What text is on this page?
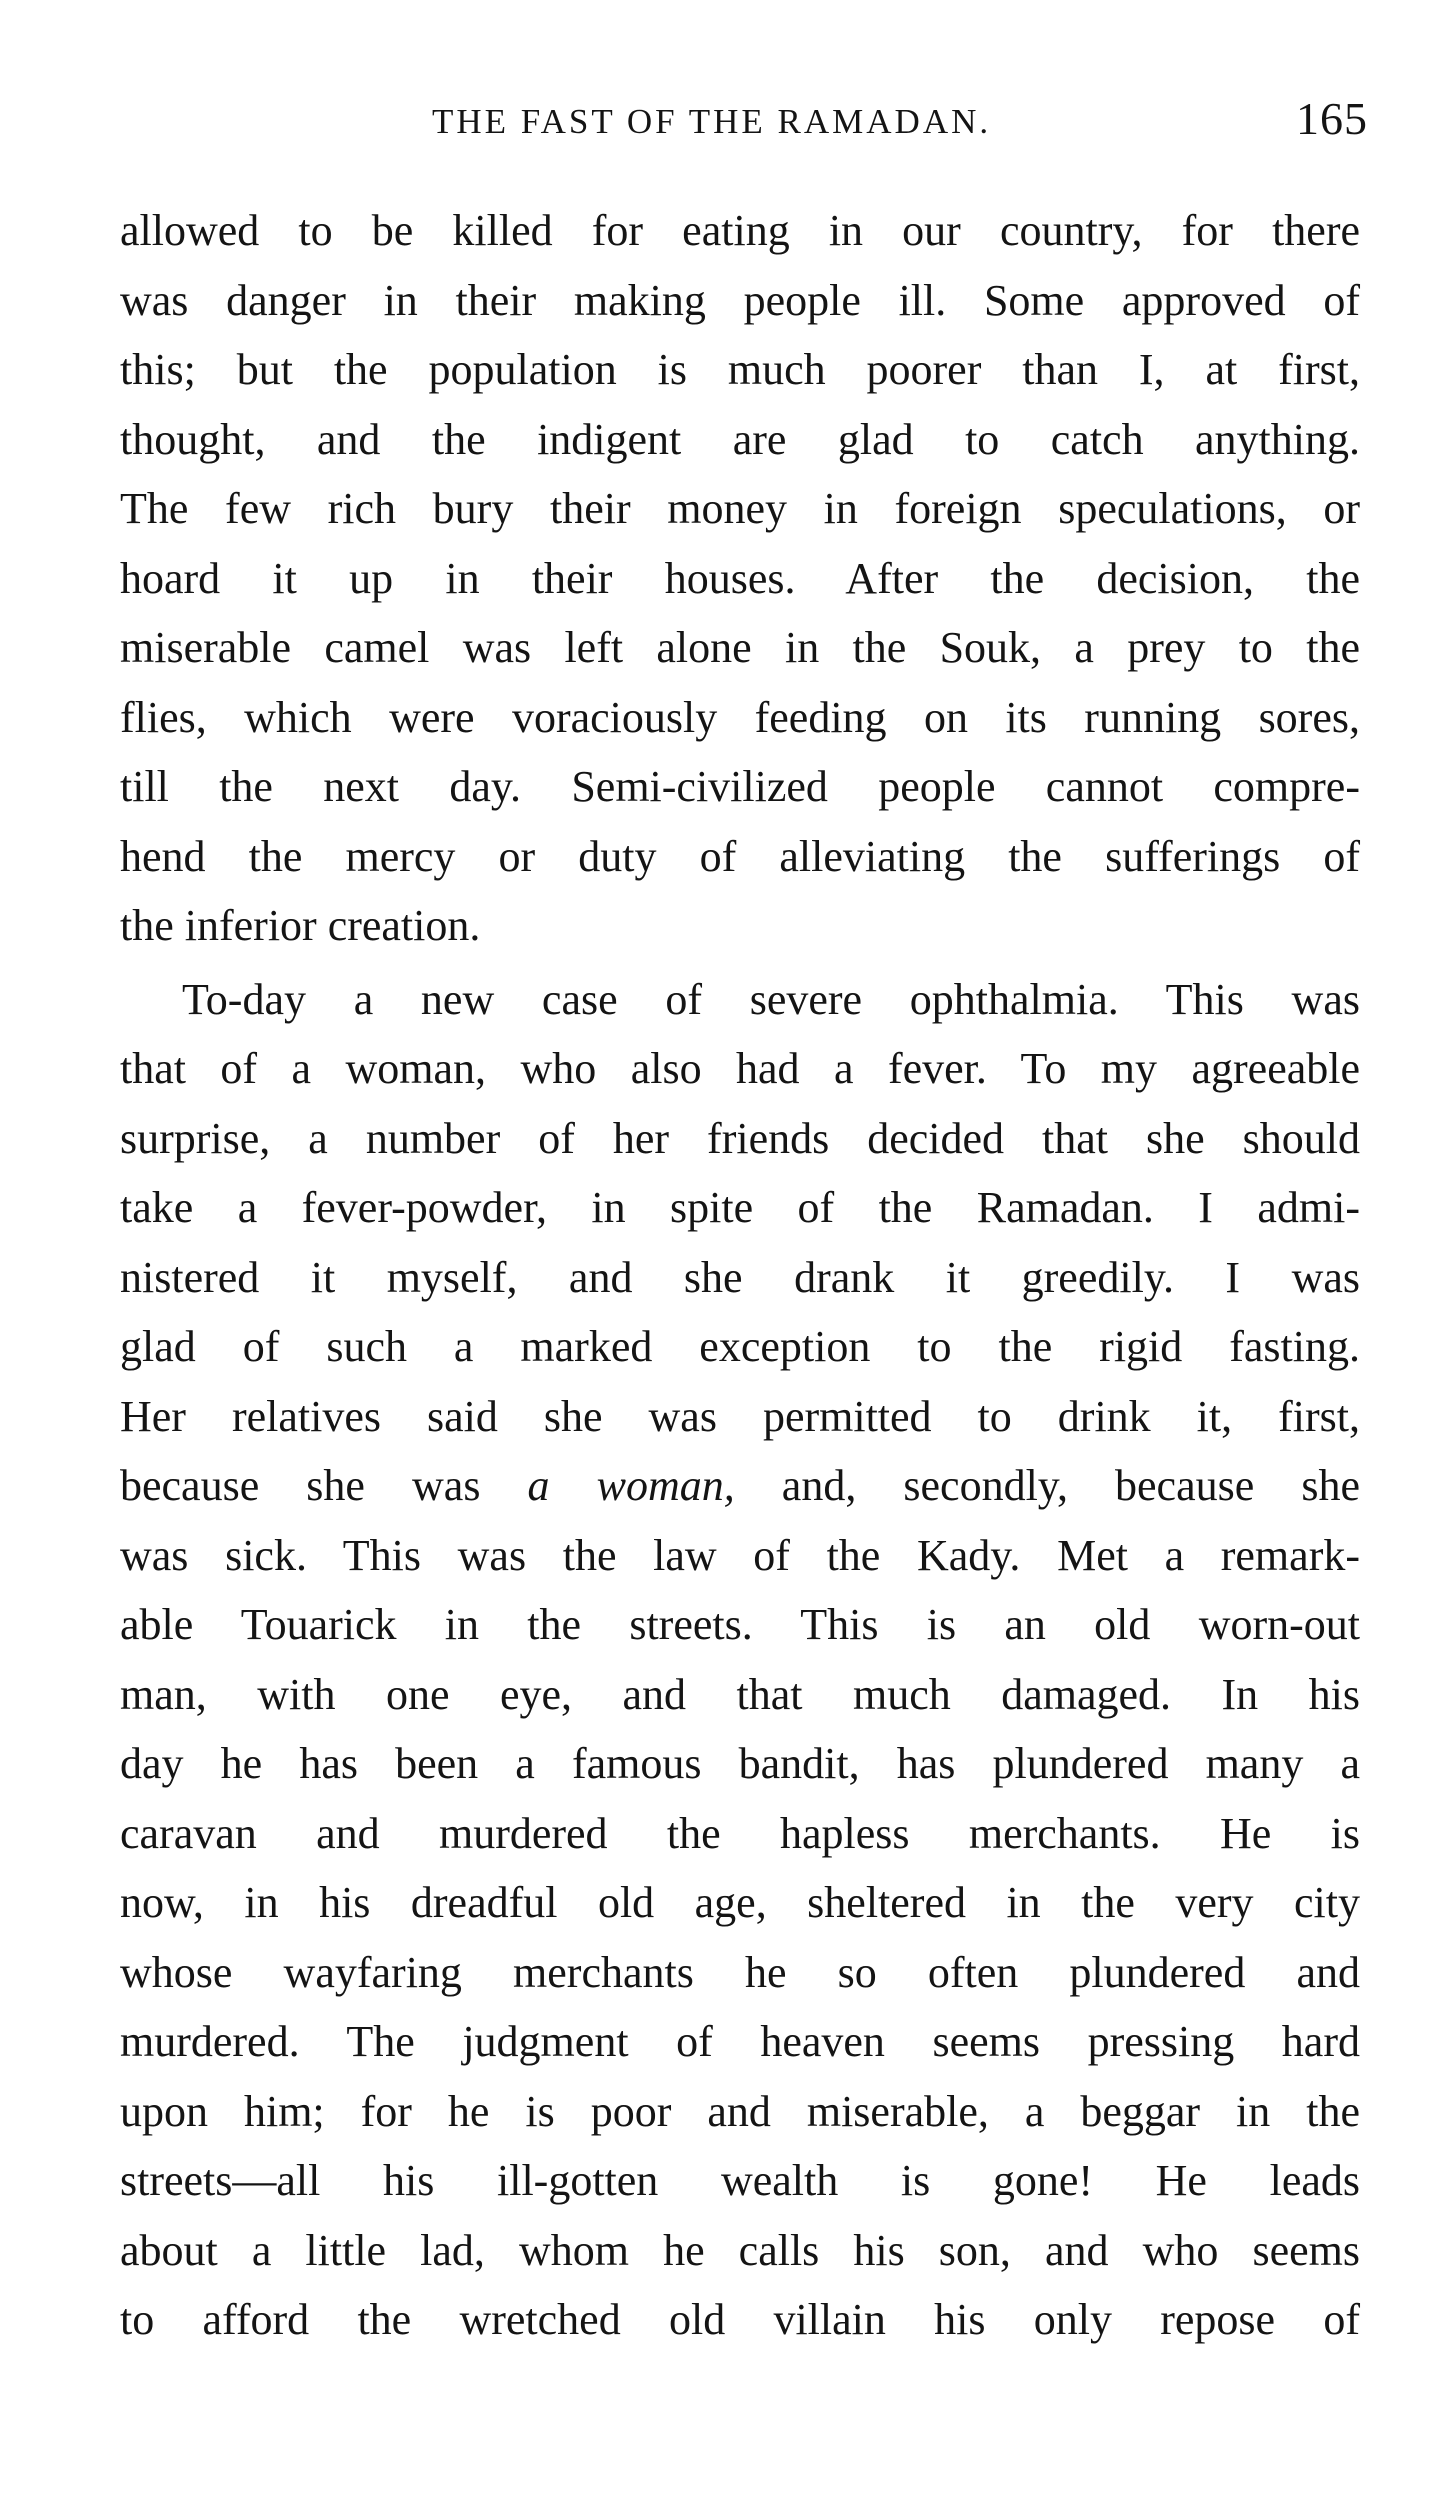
THE FAST OF THE RAMADAN.	165
allowed to be killed for eating in our country, for there
was danger in their making people ill. Some approved of
this; but the population is much poorer than I, at first,
thought, and the indigent are glad to catch anything.
The few rich bury their money in foreign speculations, or
hoard it up in their houses. After the decision, the
miserable camel was left alone in the Souk, a prey to the
flies, which were voraciously feeding on its running sores,
till the next day. Semi-civilized people cannot compre-
hend the mercy or duty of alleviating the sufferings of
the inferior creation.
To-day a new case of severe ophthalmia. This was
that of a woman, who also had a fever. To my agreeable
surprise, a number of her friends decided that she should
take a fever-powder, in spite of the Ramadan. I admi-
nistered it myself, and she drank it greedily. I was
glad of such a marked exception to the rigid fasting.
Her relatives said she was permitted to drink it, first,
because she was a woman, and, secondly, because she
was sick. This was the law of the Kady. Met a remark-
able Touarick in the streets. This is an old worn-out
man, with one eye, and that much damaged. In his
day he has been a famous bandit, has plundered many a
caravan and murdered the hapless merchants. He is
now, in his dreadful old age, sheltered in the very city
whose wayfaring merchants he so often plundered and
murdered. The judgment of heaven seems pressing hard
upon him; for he is poor and miserable, a beggar in the
streets—all his ill-gotten wealth is gone! He leads
about a little lad, whom he calls his son, and who seems
to afford the wretched old villain his only repose of
